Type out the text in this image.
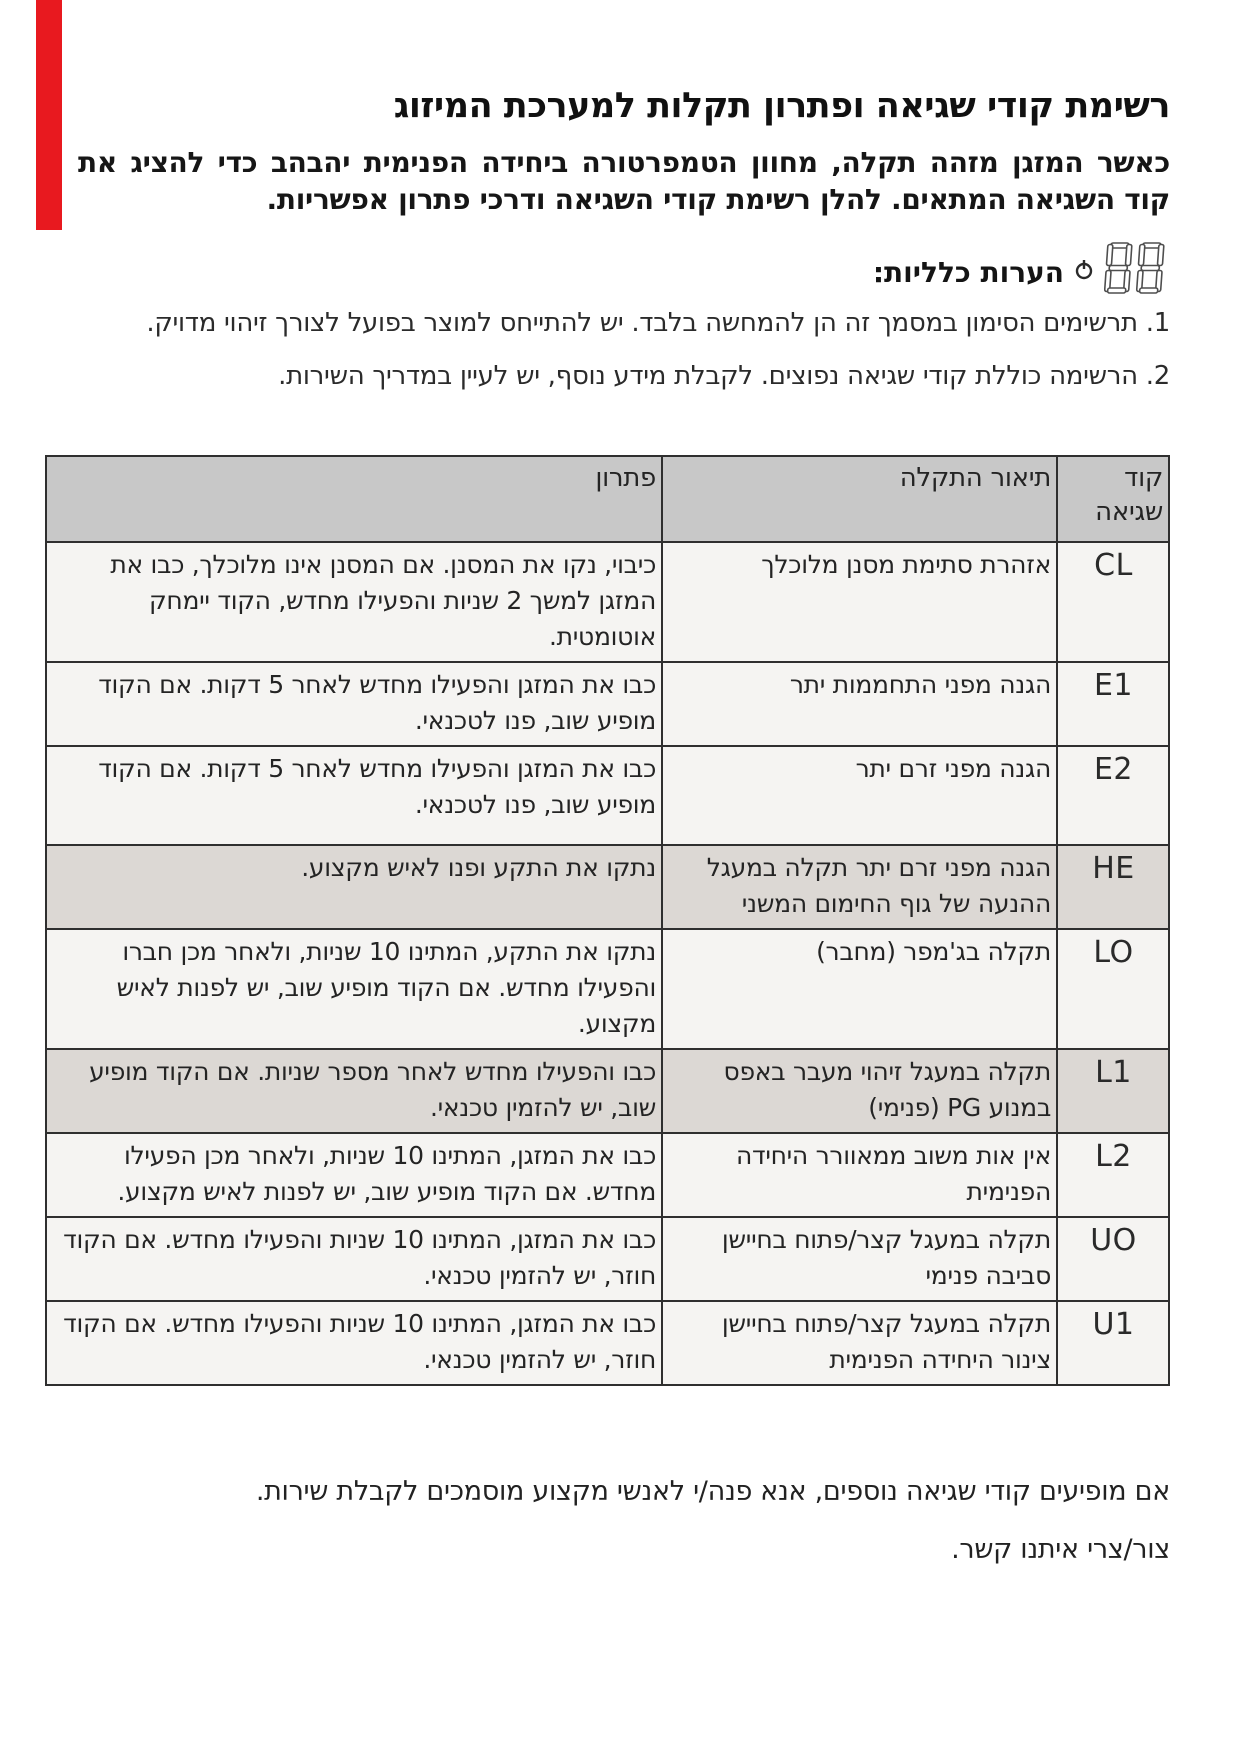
רשימת קודי שגיאה ופתרון תקלות למערכת המיזוג
כאשר המזגן מזהה תקלה, מחוון הטמפרטורה ביחידה הפנימית יהבהב כדי להציג את קוד השגיאה המתאים. להלן רשימת קודי השגיאה ודרכי פתרון אפשריות.
הערות כלליות:
1. תרשימים הסימון במסמך זה הן להמחשה בלבד. יש להתייחס למוצר בפועל לצורך זיהוי מדויק.
2. הרשימה כוללת קודי שגיאה נפוצים. לקבלת מידע נוסף, יש לעיין במדריך השירות.
קוד שגיאה	תיאור התקלה	פתרון
CL	אזהרת סתימת מסנן מלוכלך	כיבוי, נקו את המסנן. אם המסנן אינו מלוכלך, כבו את המזגן למשך 2 שניות והפעילו מחדש, הקוד יימחק אוטומטית.
E1	הגנה מפני התחממות יתר	כבו את המזגן והפעילו מחדש לאחר 5 דקות. אם הקוד מופיע שוב, פנו לטכנאי.
E2	הגנה מפני זרם יתר	כבו את המזגן והפעילו מחדש לאחר 5 דקות. אם הקוד מופיע שוב, פנו לטכנאי.
HE	הגנה מפני זרם יתר תקלה במעגל ההנעה של גוף החימום המשני	נתקו את התקע ופנו לאיש מקצוע.
LO	תקלה בג'מפר (מחבר)	נתקו את התקע, המתינו 10 שניות, ולאחר מכן חברו והפעילו מחדש. אם הקוד מופיע שוב, יש לפנות לאיש מקצוע.
L1	תקלה במעגל זיהוי מעבר באפס במנוע PG (פנימי)	כבו והפעילו מחדש לאחר מספר שניות. אם הקוד מופיע שוב, יש להזמין טכנאי.
L2	אין אות משוב ממאוורר היחידה הפנימית	כבו את המזגן, המתינו 10 שניות, ולאחר מכן הפעילו מחדש. אם הקוד מופיע שוב, יש לפנות לאיש מקצוע.
UO	תקלה במעגל קצר/פתוח בחיישן סביבה פנימי	כבו את המזגן, המתינו 10 שניות והפעילו מחדש. אם הקוד חוזר, יש להזמין טכנאי.
U1	תקלה במעגל קצר/פתוח בחיישן צינור היחידה הפנימית	כבו את המזגן, המתינו 10 שניות והפעילו מחדש. אם הקוד חוזר, יש להזמין טכנאי.
אם מופיעים קודי שגיאה נוספים, אנא פנה/י לאנשי מקצוע מוסמכים לקבלת שירות.
צור/צרי איתנו קשר.
